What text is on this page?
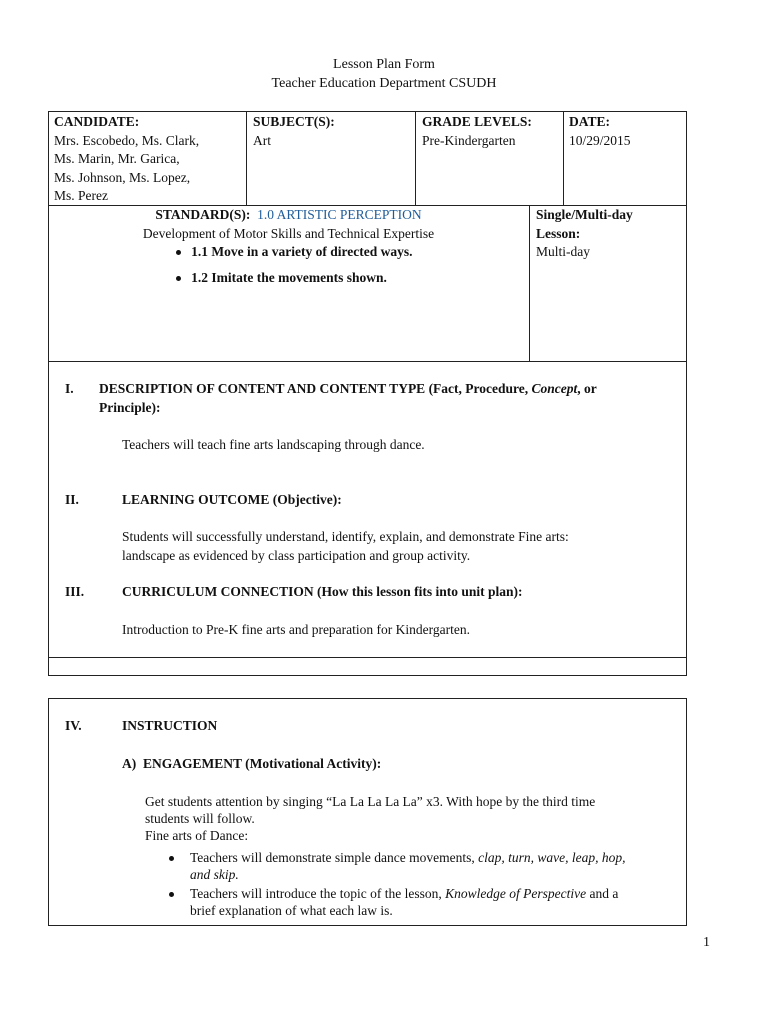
Lesson Plan Form
Teacher Education Department CSUDH
CANDIDATE:
Mrs. Escobedo, Ms. Clark,
Ms. Marin, Mr. Garica,
Ms. Johnson, Ms. Lopez,
Ms. Perez
SUBJECT(S):
Art
GRADE LEVELS:
Pre-Kindergarten
DATE:
10/29/2015
STANDARD(S): 1.0 ARTISTIC PERCEPTION
Development of Motor Skills and Technical Expertise
1.1 Move in a variety of directed ways.
1.2 Imitate the movements shown.
Single/Multi-day
Lesson:
Multi-day
I. DESCRIPTION OF CONTENT AND CONTENT TYPE (Fact, Procedure, Concept, or
Principle):
Teachers will teach fine arts landscaping through dance.
II.	LEARNING OUTCOME (Objective):
Students will successfully understand, identify, explain, and demonstrate Fine arts:
landscape as evidenced by class participation and group activity.
III.	CURRICULUM CONNECTION (How this lesson fits into unit plan):
Introduction to Pre-K fine arts and preparation for Kindergarten.
IV.	INSTRUCTION
A) ENGAGEMENT (Motivational Activity):
Get students attention by singing “La La La La La” x3. With hope by the third time
students will follow.
Fine arts of Dance:
Teachers will demonstrate simple dance movements, clap, turn, wave, leap, hop,
and skip.
Teachers will introduce the topic of the lesson, Knowledge of Perspective and a
brief explanation of what each law is.
1
